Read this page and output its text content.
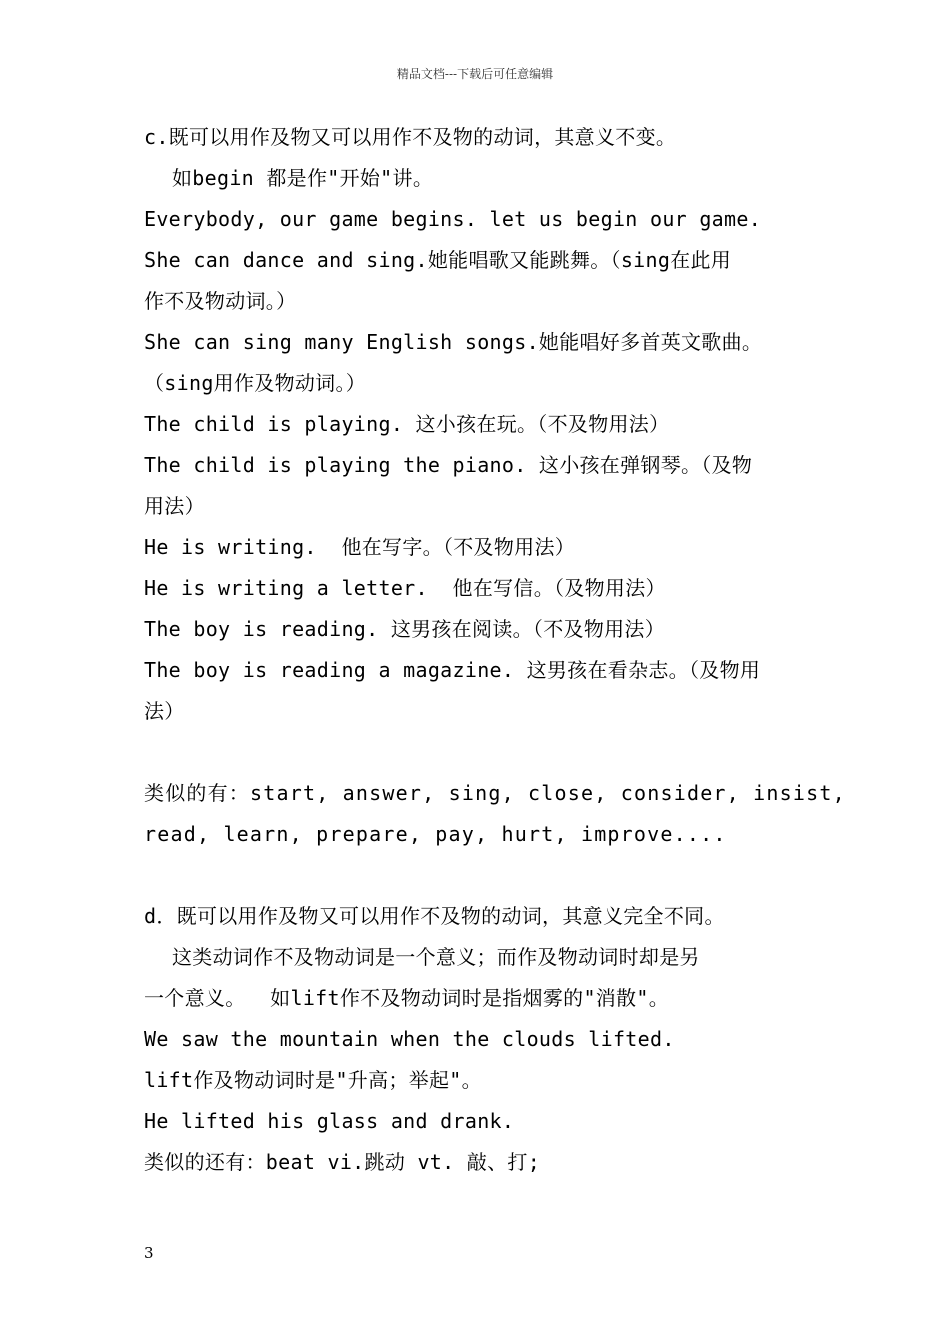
精品文档---下载后可任意编辑
c.既可以用作及物又可以用作不及物的动词，其意义不变。
如begin 都是作"开始"讲。
Everybody, our game begins. let us begin our game.
She can dance and sing.她能唱歌又能跳舞。（sing在此用
作不及物动词。）
She can sing many English songs.她能唱好多首英文歌曲。
（sing用作及物动词。）
The child is playing. 这小孩在玩。（不及物用法）
The child is playing the piano. 这小孩在弹钢琴。（及物
用法）
He is writing.  他在写字。（不及物用法）
He is writing a letter.  他在写信。（及物用法）
The boy is reading. 这男孩在阅读。（不及物用法）
The boy is reading a magazine. 这男孩在看杂志。（及物用
法）
类似的有：start, answer, sing, close, consider, insist,
read, learn, prepare, pay, hurt, improve....
d．既可以用作及物又可以用作不及物的动词，其意义完全不同。
这类动词作不及物动词是一个意义；而作及物动词时却是另
一个意义。  如lift作不及物动词时是指烟雾的"消散"。
We saw the mountain when the clouds lifted.
lift作及物动词时是"升高；举起"。
He lifted his glass and drank.
类似的还有：beat vi.跳动 vt. 敲、打;
3
